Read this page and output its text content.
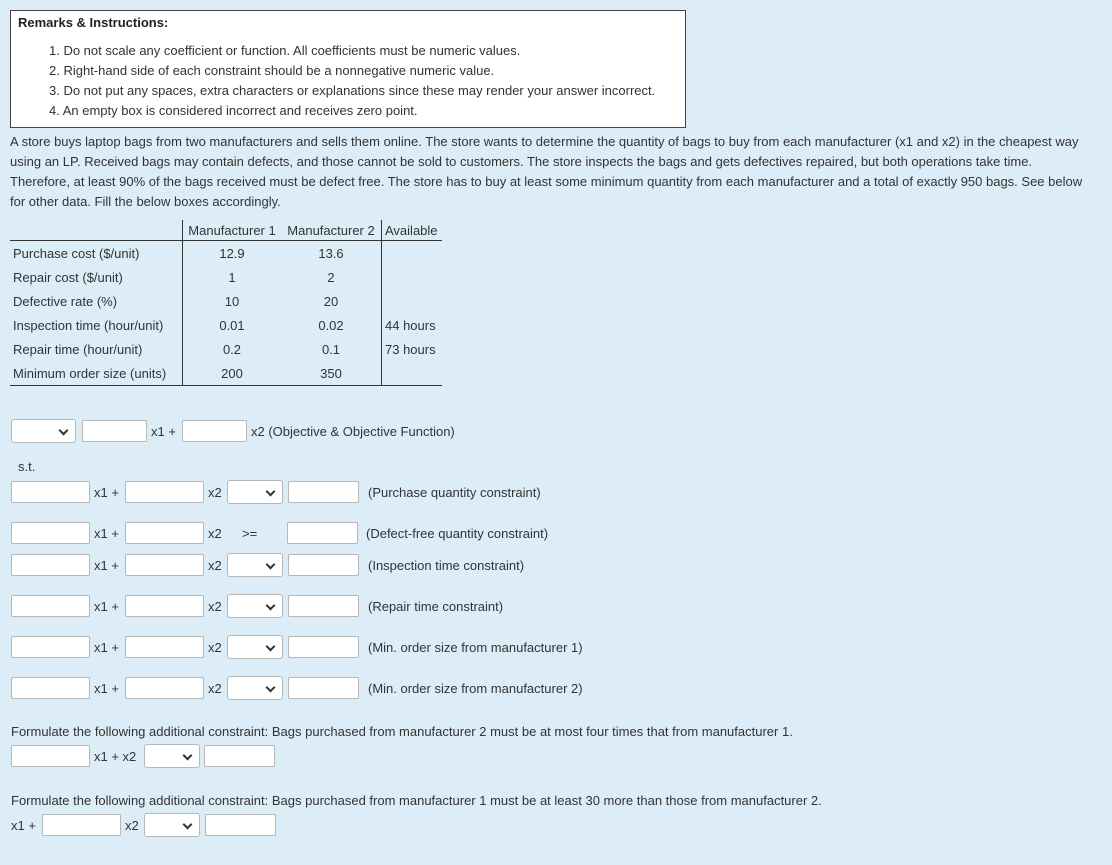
Remarks & Instructions:
1. Do not scale any coefficient or function. All coefficients must be numeric values.
2. Right-hand side of each constraint should be a nonnegative numeric value.
3. Do not put any spaces, extra characters or explanations since these may render your answer incorrect.
4. An empty box is considered incorrect and receives zero point.
A store buys laptop bags from two manufacturers and sells them online. The store wants to determine the quantity of bags to buy from each manufacturer (x1 and x2) in the cheapest way using an LP. Received bags may contain defects, and those cannot be sold to customers. The store inspects the bags and gets defectives repaired, but both operations take time. Therefore, at least 90% of the bags received must be defect free. The store has to buy at least some minimum quantity from each manufacturer and a total of exactly 950 bags. See below for other data. Fill the below boxes accordingly.
	Manufacturer 1	Manufacturer 2	Available
Purchase cost ($/unit)	12.9	13.6	
Repair cost ($/unit)	1	2	
Defective rate (%)	10	20	
Inspection time (hour/unit)	0.01	0.02	44 hours
Repair time (hour/unit)	0.2	0.1	73 hours
Minimum order size (units)	200	350	
x1 +	x2 (Objective & Objective Function)
s.t.
x1 +	x2	(Purchase quantity constraint)
x1 +	x2 >=	(Defect-free quantity constraint)
x1 +	x2	(Inspection time constraint)
x1 +	x2	(Repair time constraint)
x1 +	x2	(Min. order size from manufacturer 1)
x1 +	x2	(Min. order size from manufacturer 2)
Formulate the following additional constraint: Bags purchased from manufacturer 2 must be at most four times that from manufacturer 1.
x1 + x2
Formulate the following additional constraint: Bags purchased from manufacturer 1 must be at least 30 more than those from manufacturer 2.
x1 +	x2
